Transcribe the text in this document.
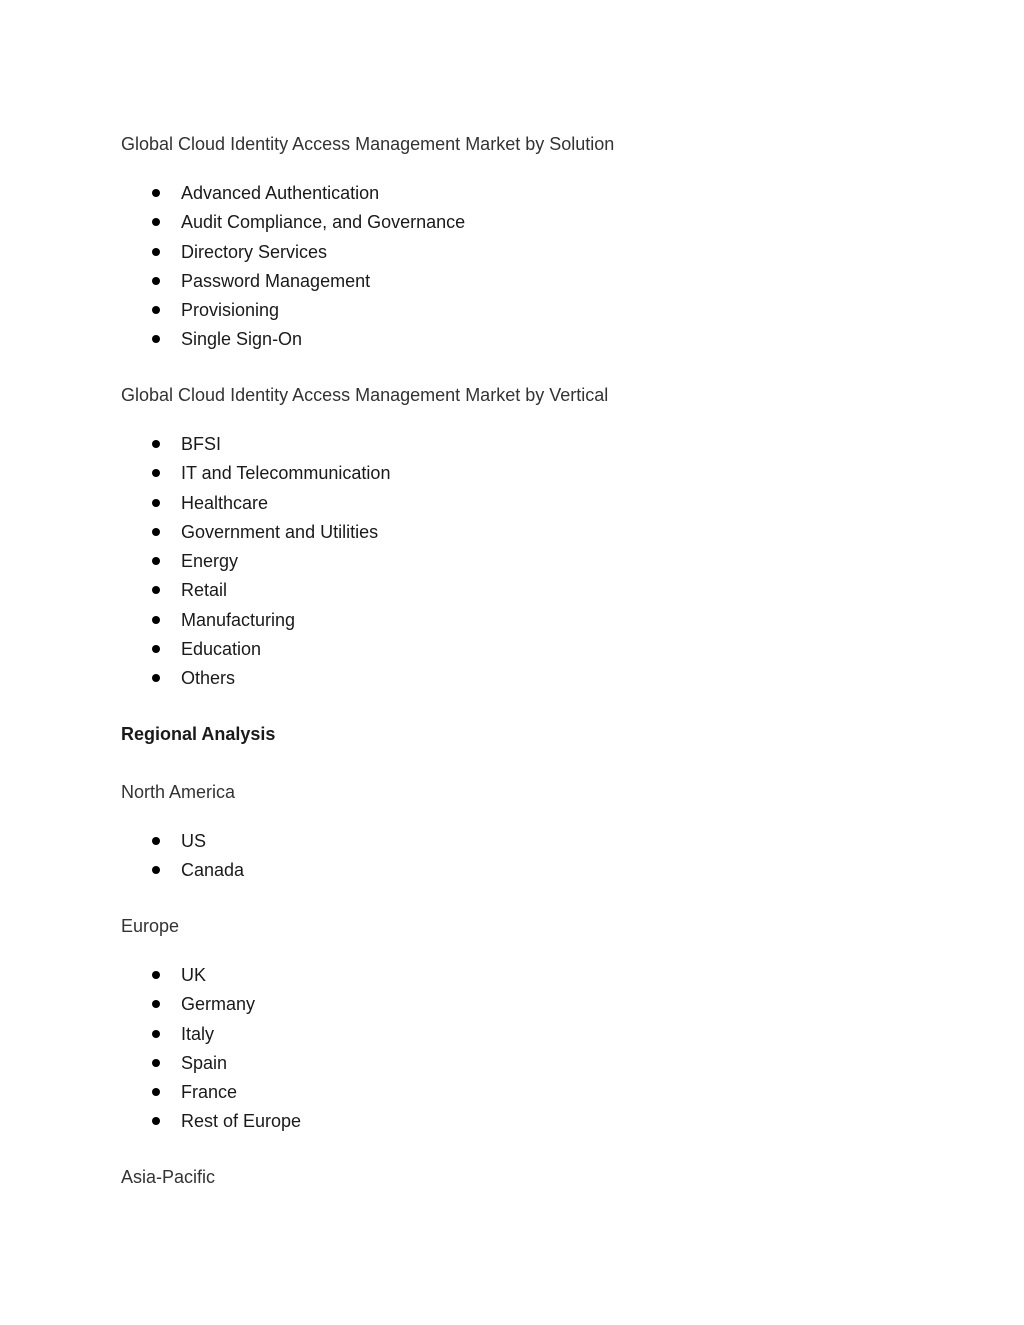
Global Cloud Identity Access Management Market by Solution
Advanced Authentication
Audit Compliance, and Governance
Directory Services
Password Management
Provisioning
Single Sign-On
Global Cloud Identity Access Management Market by Vertical
BFSI
IT and Telecommunication
Healthcare
Government and Utilities
Energy
Retail
Manufacturing
Education
Others
Regional Analysis
North America
US
Canada
Europe
UK
Germany
Italy
Spain
France
Rest of Europe
Asia-Pacific
